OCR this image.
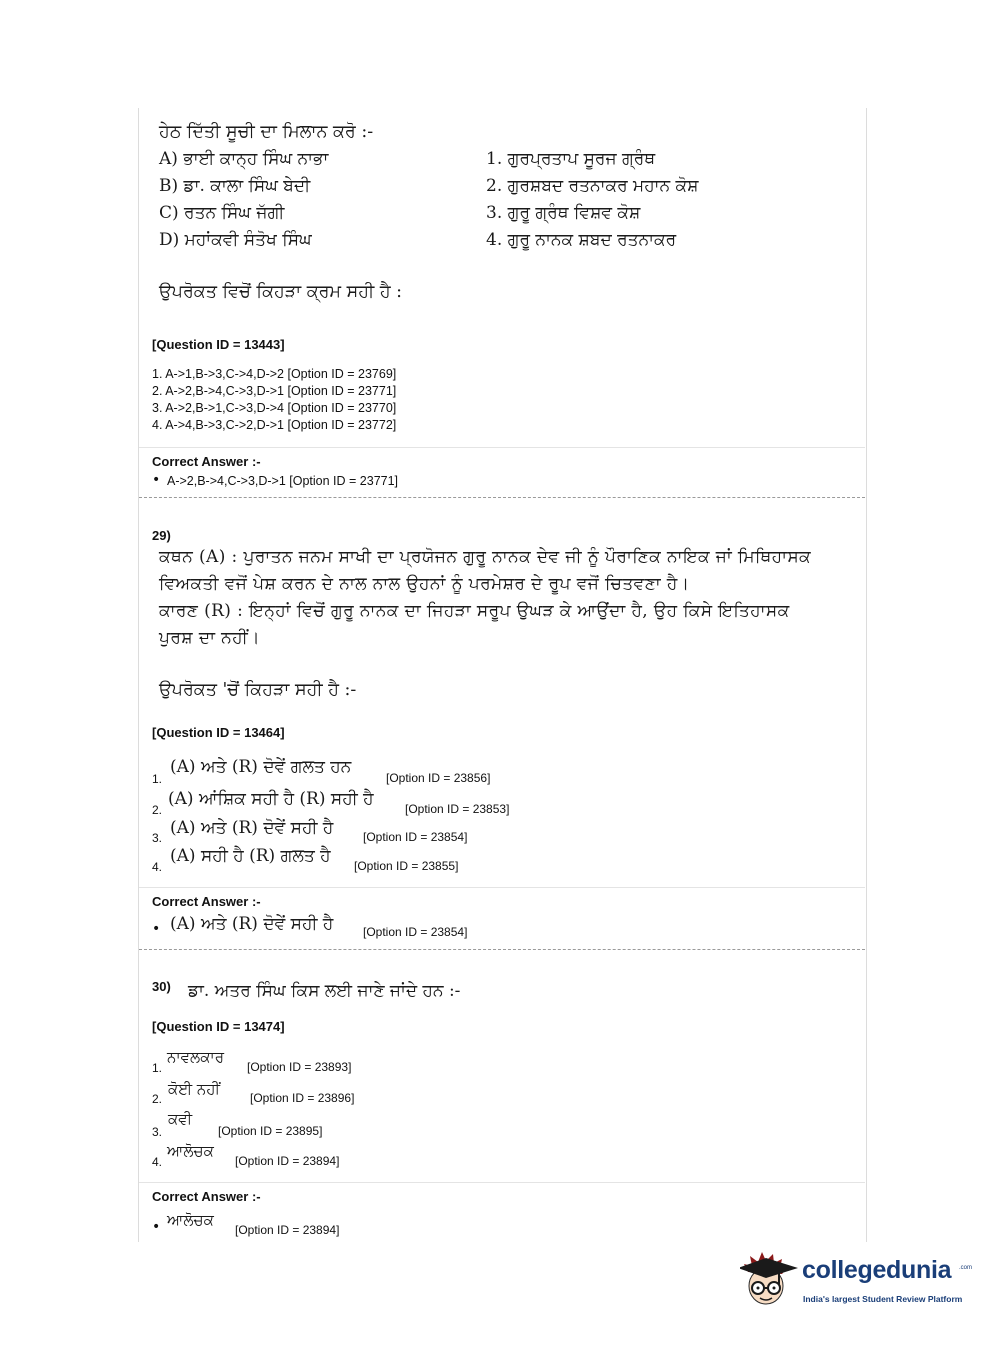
ਹੇਠ ਦਿੱਤੀ ਸੂਚੀ ਦਾ ਮਿਲਾਨ ਕਰੋ :-
A) ਭਾਈ ਕਾਨ੍ਹ ਸਿੰਘ ਨਾਭਾ
B) ਡਾ. ਕਾਲਾ ਸਿੰਘ ਬੇਦੀ
C) ਰਤਨ ਸਿੰਘ ਜੱਗੀ
D) ਮਹਾਂਕਵੀ ਸੰਤੋਖ ਸਿੰਘ
1. ਗੁਰਪ੍ਰਤਾਪ ਸੂਰਜ ਗ੍ਰੰਥ
2. ਗੁਰਸ਼ਬਦ ਰਤਨਾਕਰ ਮਹਾਨ ਕੋਸ਼
3. ਗੁਰੂ ਗ੍ਰੰਥ ਵਿਸ਼ਵ ਕੋਸ਼
4. ਗੁਰੂ ਨਾਨਕ ਸ਼ਬਦ ਰਤਨਾਕਰ
ਉਪਰੋਕਤ ਵਿਚੋਂ ਕਿਹੜਾ ਕ੍ਰਮ ਸਹੀ ਹੈ :
[Question ID = 13443]
1. A->1,B->3,C->4,D->2 [Option ID = 23769]
2. A->2,B->4,C->3,D->1 [Option ID = 23771]
3. A->2,B->1,C->3,D->4 [Option ID = 23770]
4. A->4,B->3,C->2,D->1 [Option ID = 23772]
Correct Answer :-
• A->2,B->4,C->3,D->1 [Option ID = 23771]
29)
ਕਥਨ (A) : ਪੁਰਾਤਨ ਜਨਮ ਸਾਖੀ ਦਾ ਪ੍ਰਯੋਜਨ ਗੁਰੂ ਨਾਨਕ ਦੇਵ ਜੀ ਨੂੰ ਪੌਰਾਣਿਕ ਨਾਇਕ ਜਾਂ ਮਿਥਿਹਾਸਕ
ਵਿਅਕਤੀ ਵਜੋਂ ਪੇਸ਼ ਕਰਨ ਦੇ ਨਾਲ ਨਾਲ ਉਹਨਾਂ ਨੂੰ ਪਰਮੇਸ਼ਰ ਦੇ ਰੂਪ ਵਜੋਂ ਚਿਤਵਣਾ ਹੈ।
ਕਾਰਣ (R) : ਇਨ੍ਹਾਂ ਵਿਚੋਂ ਗੁਰੂ ਨਾਨਕ ਦਾ ਜਿਹੜਾ ਸਰੂਪ ਉਘੜ ਕੇ ਆਉਂਦਾ ਹੈ, ਉਹ ਕਿਸੇ ਇਤਿਹਾਸਕ
ਪੁਰਸ਼ ਦਾ ਨਹੀਂ।
ਉਪਰੋਕਤ 'ਚੋਂ ਕਿਹੜਾ ਸਹੀ ਹੈ :-
[Question ID = 13464]
1.
(A) ਅਤੇ (R) ਦੋਵੇਂ ਗਲਤ ਹਨ
[Option ID = 23856]
2.
(A) ਆਂਸ਼ਿਕ ਸਹੀ ਹੈ (R) ਸਹੀ ਹੈ	[Option ID = 23853]
3. (A) ਅਤੇ (R) ਦੋਵੇਂ ਸਹੀ ਹੈ [Option ID = 23854]
4.
(A) ਸਹੀ ਹੈ (R) ਗਲਤ ਹੈ [Option ID = 23855]
Correct Answer :-
• (A) ਅਤੇ (R) ਦੋਵੇਂ ਸਹੀ ਹੈ [Option ID = 23854]
30) ਡਾ. ਅਤਰ ਸਿੰਘ ਕਿਸ ਲਈ ਜਾਣੇ ਜਾਂਦੇ ਹਨ :-
[Question ID = 13474]
1.
ਨਾਵਲਕਾਰ
[Option ID = 23893]
2.
ਕੋਈ ਨਹੀਂ [Option ID = 23896]
3.
ਕਵੀ
[Option ID = 23895]
4.
ਆਲੋਚਕ
[Option ID = 23894]
Correct Answer :-
• ਆਲੋਚਕ
[Option ID = 23894]
collegedunia .com
India's largest Student Review Platform
